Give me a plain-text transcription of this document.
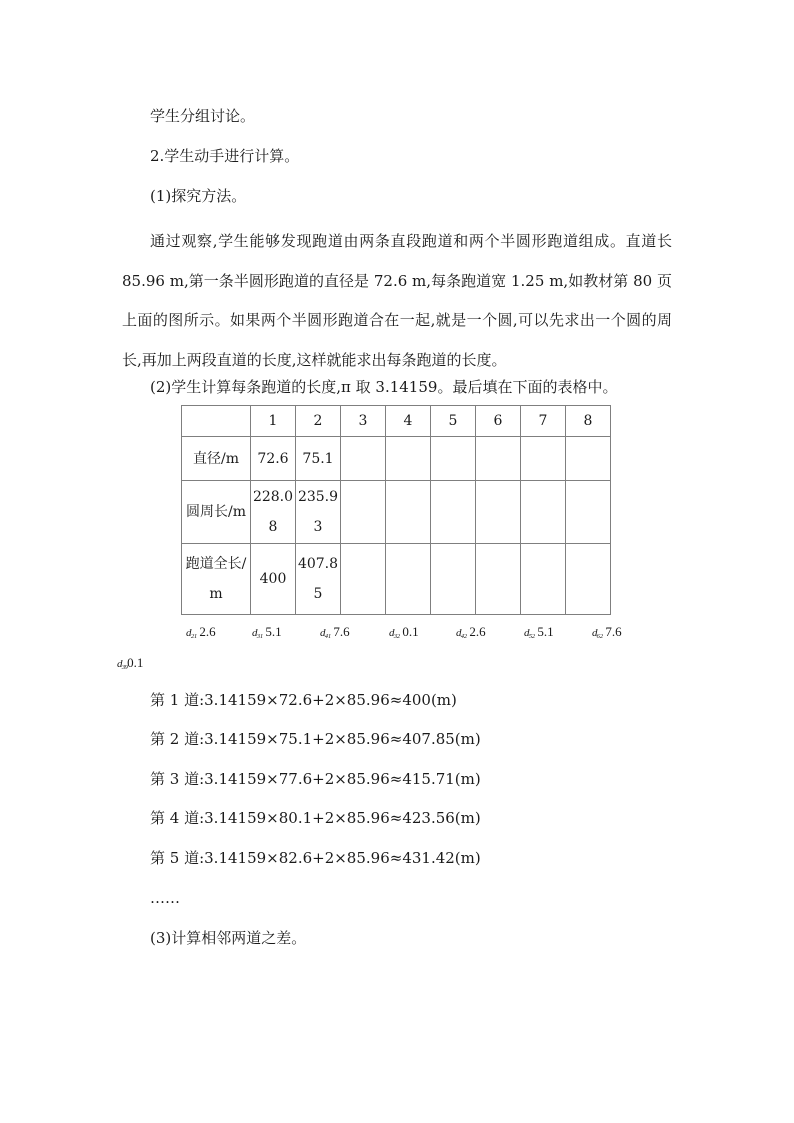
学生分组讨论。
2.学生动手进行计算。
(1)探究方法。
通过观察,学生能够发现跑道由两条直段跑道和两个半圆形跑道组成。直道长 85.96 m,第一条半圆形跑道的直径是 72.6 m,每条跑道宽 1.25 m,如教材第 80 页上面的图所示。如果两个半圆形跑道合在一起,就是一个圆,可以先求出一个圆的周长,再加上两段直道的长度,这样就能求出每条跑道的长度。
(2)学生计算每条跑道的长度,π 取 3.14159。最后填在下面的表格中。
	1	2	3	4	5	6	7	8
直径/m	72.6	75.1						
圆周长/m	228.08	235.93						
跑道全长/m	400	407.85						
d₂₁ 2.6	d₃₁ 5.1	d₄₁ 7.6	d₃₂ 0.1	d₄₂ 2.6	d₅₂ 5.1	d₆₂ 7.6
d₃₉0.1
第 1 道:3.14159×72.6+2×85.96≈400(m)
第 2 道:3.14159×75.1+2×85.96≈407.85(m)
第 3 道:3.14159×77.6+2×85.96≈415.71(m)
第 4 道:3.14159×80.1+2×85.96≈423.56(m)
第 5 道:3.14159×82.6+2×85.96≈431.42(m)
……
(3)计算相邻两道之差。
